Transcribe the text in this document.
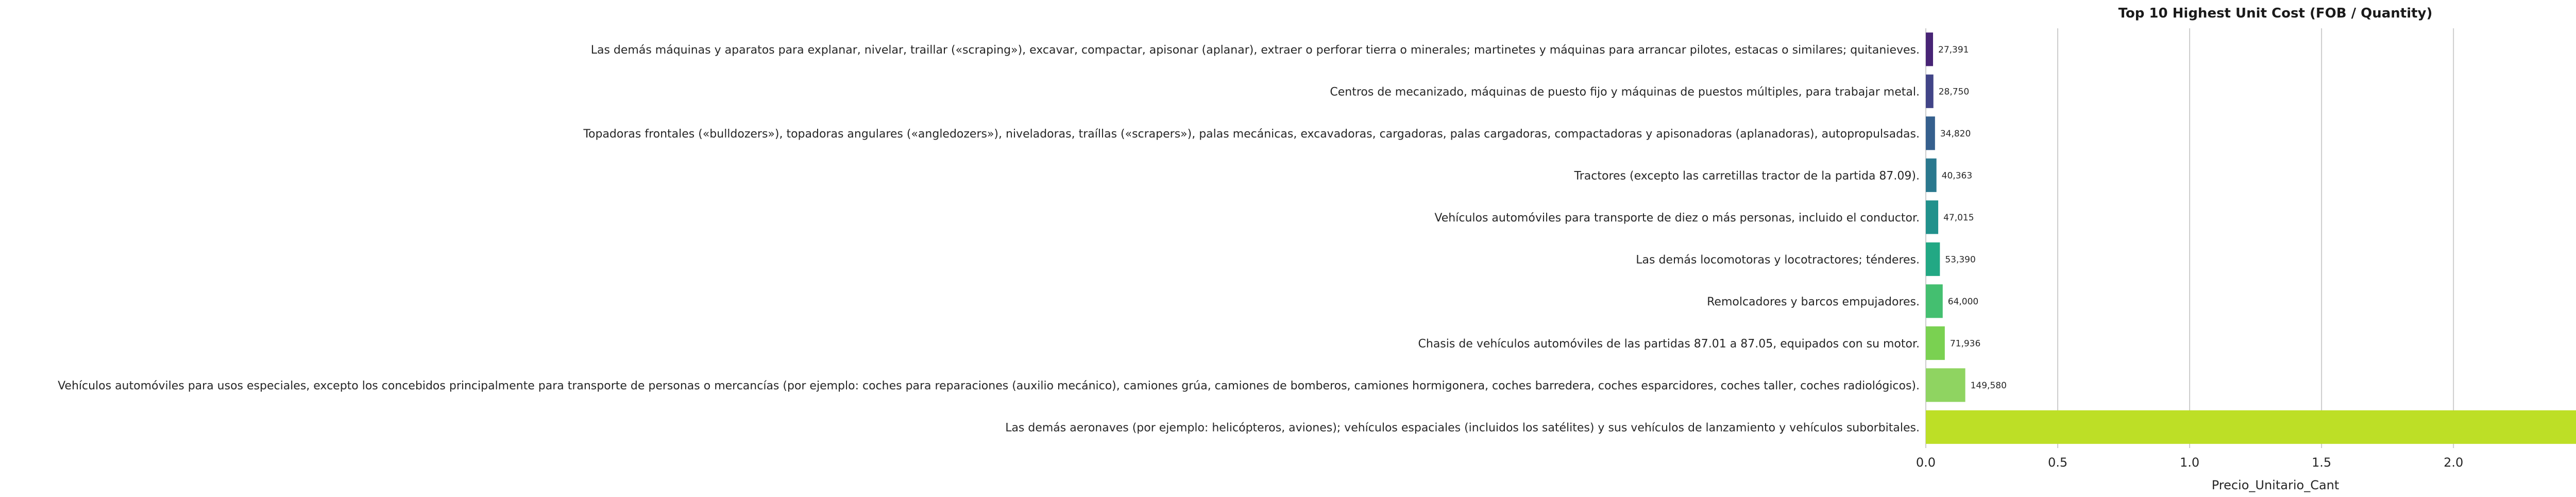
Top 10 Highest Unit Cost (FOB / Quantity)
Las demás máquinas y aparatos para explanar, nivelar, traillar («scraping»), excavar, compactar, apisonar (aplanar), extraer o perforar tierra o minerales; martinetes y máquinas para arrancar pilotes, estacas o similares; quitanieves.
Centros de mecanizado, máquinas de puesto fijo y máquinas de puestos múltiples, para trabajar metal.
Topadoras frontales («bulldozers»), topadoras angulares («angledozers»), niveladoras, traíllas («scrapers»), palas mecánicas, excavadoras, cargadoras, palas cargadoras, compactadoras y apisonadoras (aplanadoras), autopropulsadas.
Tractores (excepto las carretillas tractor de la partida 87.09).
Vehículos automóviles para transporte de diez o más personas, incluido el conductor.
Las demás locomotoras y locotractores; ténderes.
Remolcadores y barcos empujadores.
Chasis de vehículos automóviles de las partidas 87.01 a 87.05, equipados con su motor.
Vehículos automóviles para usos especiales, excepto los concebidos principalmente para transporte de personas o mercancías (por ejemplo: coches para reparaciones (auxilio mecánico), camiones grúa, camiones de bomberos, camiones hormigonera, coches barredera, coches esparcidores, coches taller, coches radiológicos).
Las demás aeronaves (por ejemplo: helicópteros, aviones); vehículos espaciales (incluidos los satélites) y sus vehículos de lanzamiento y vehículos suborbitales.
27,391
28,750
34,820
40,363
47,015
53,390
64,000
71,936
149,580
0.0	0.5	1.0	1.5	2.0
Precio_Unitario_Cant
